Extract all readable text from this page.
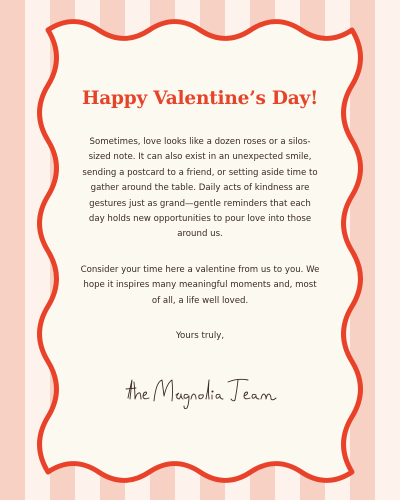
Happy Valentine’s Day!

Sometimes, love looks like a dozen roses or a silos-sized note. It can also exist in an unexpected smile, sending a postcard to a friend, or setting aside time to gather around the table. Daily acts of kindness are gestures just as grand—gentle reminders that each day holds new opportunities to pour love into those around us.

Consider your time here a valentine from us to you. We hope it inspires many meaningful moments and, most of all, a life well loved.

Yours truly,
